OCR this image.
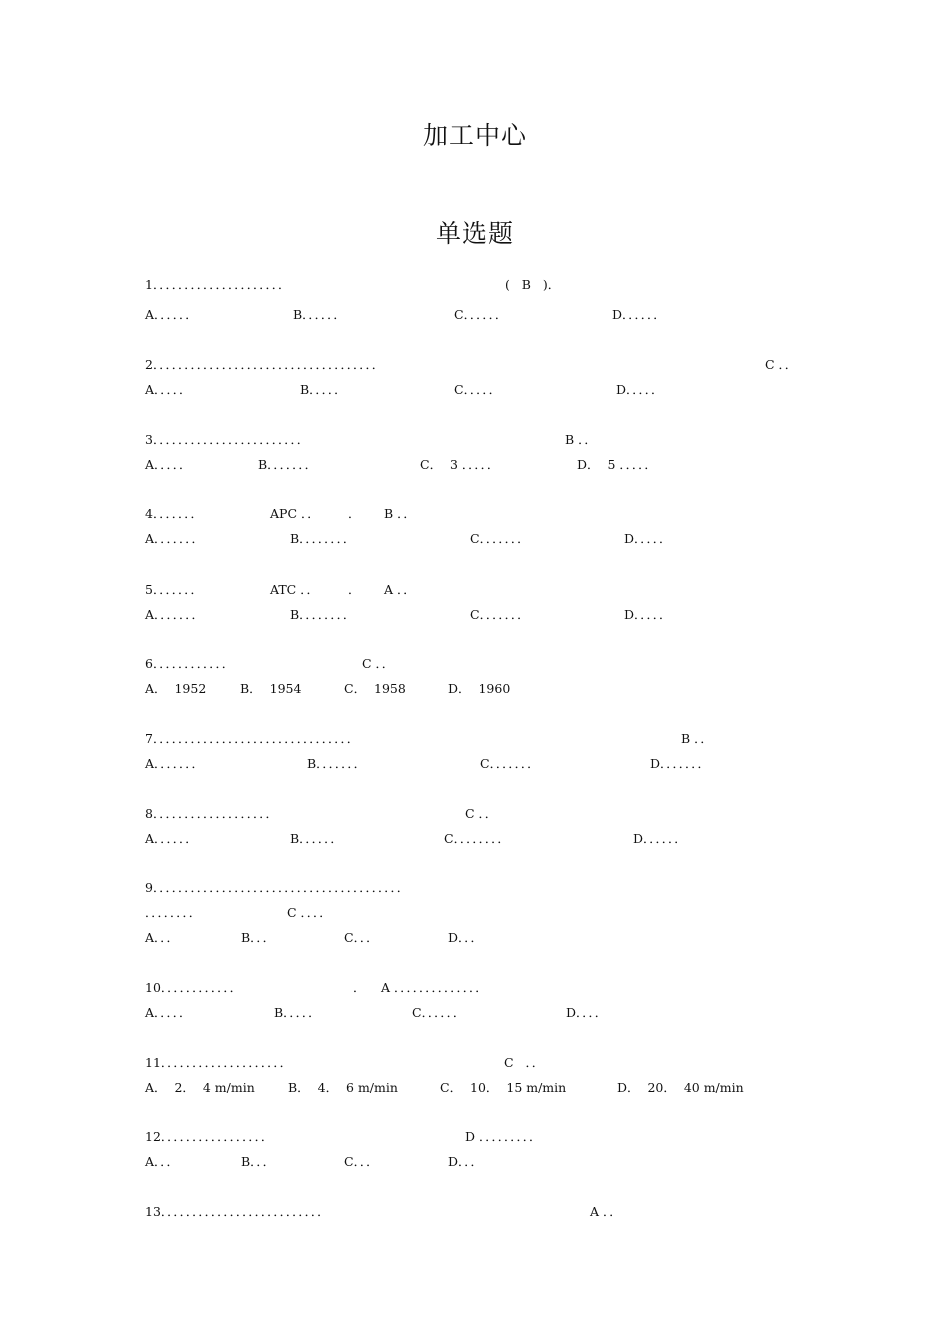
加工中心
单选题
1．．．．．．．．．．．．．．．．．．．．．	(   B   )．
A．．．．．．	B．．．．．．	C．．．．．．	D．．．．．．
2．．．．．．．．．．．．．．．．．．．．．．．．．．．．．．．．．．．．	C ．．
A．．．．．	B．．．．．	C．．．．．	D．．．．．
3．．．．．．．．．．．．．．．．．．．．．．．．	B ．．
A．．．．．	B．．．．．．．	C．  3 ．．．．．	D．  5 ．．．．．
4．．．．．．．	APC ．． ． B ．．
A．．．．．．．	B．．．．．．．．	C．．．．．．．	D．．．．．
5．．．．．．．	ATC ．． ． A ．．
A．．．．．．．	B．．．．．．．．	C．．．．．．．	D．．．．．
6．．．．．．．．．．．．	C ．．
A．  1952	B．  1954	C．  1958	D．  1960
7．．．．．．．．．．．．．．．．．．．．．．．．．．．．．．．．	B ．．
A．．．．．．．	B．．．．．．．	C．．．．．．．	D．．．．．．．
8．．．．．．．．．．．．．．．．．．．	C ．．
A．．．．．．	B．．．．．．	C．．．．．．．．	D．．．．．．
9．．．．．．．．．．．．．．．．．．．．．．．．．．．．．．．．．．．．．．．．
．．．．．．．．	C ．．．．
A．．．	B．．．	C．．．	D．．．
10．．．．．．．．．．．．	． A ．．．．．．．．．．．．．．
A．．．．．	B．．．．．	C．．．．．．	D．．．．
11．．．．．．．．．．．．．．．．．．．．	C   ．．
A．  2．  4 m/min	B．  4．  6 m/min	C．  10．  15 m/min	D．  20．  40 m/min
12．．．．．．．．．．．．．．．．．	D ．．．．．．．．．
A．．．	B．．．	C．．．	D．．．
13．．．．．．．．．．．．．．．．．．．．．．．．．．	A ．．
